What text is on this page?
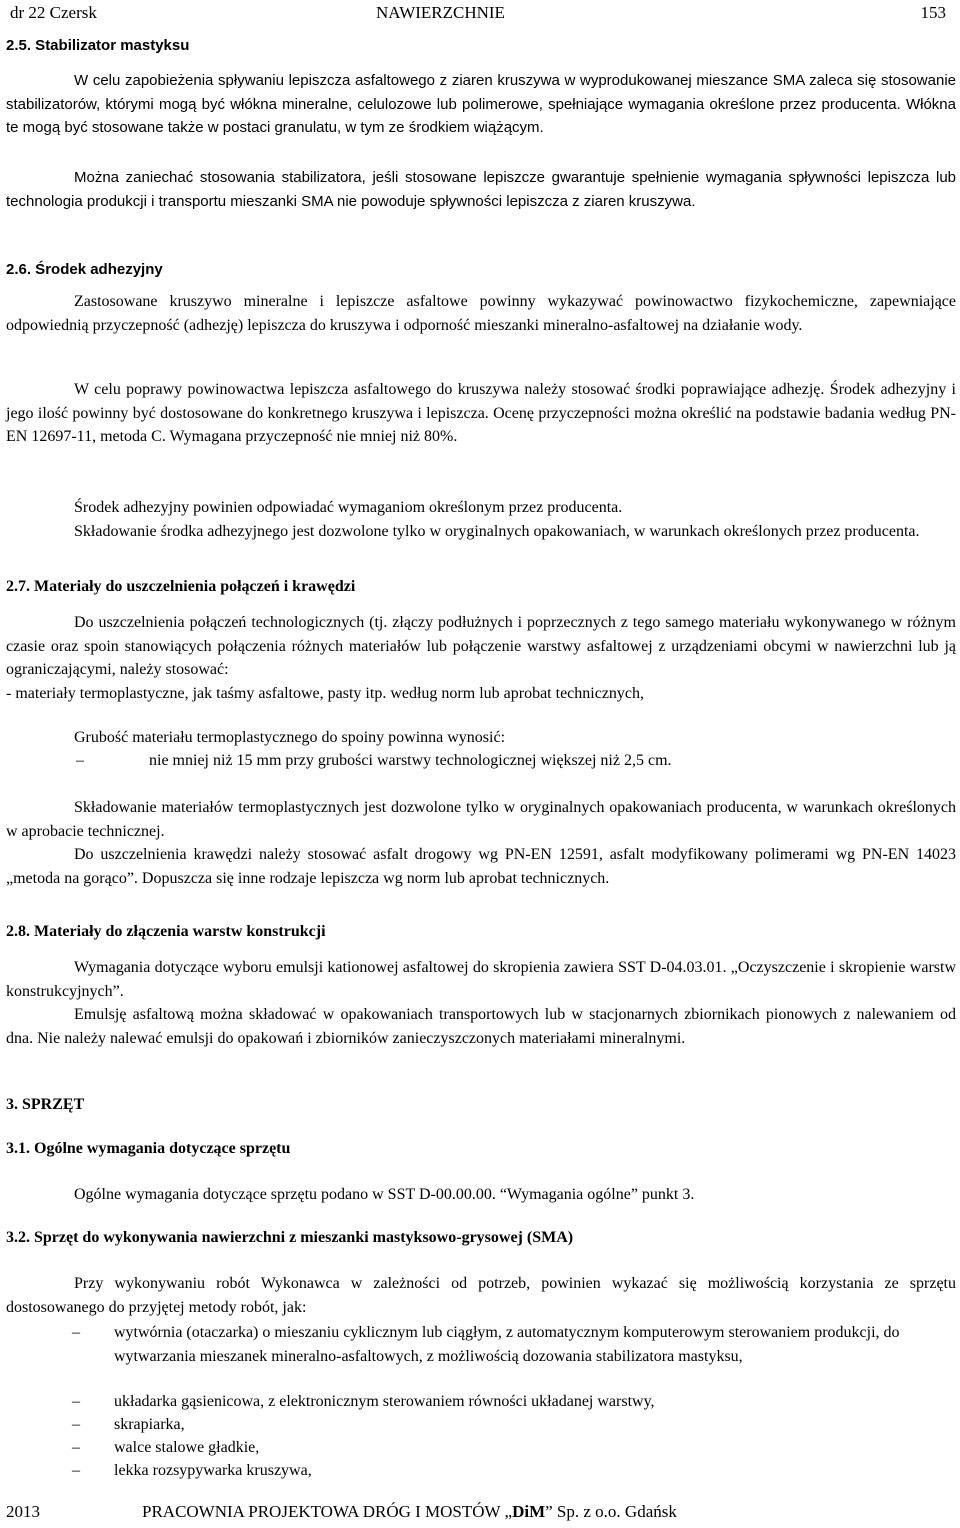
dr 22 Czersk	NAWIERZCHNIE	153
2.5. Stabilizator mastyksu

W celu zapobieżenia spływaniu lepiszcza asfaltowego z ziaren kruszywa w wyprodukowanej mieszance SMA zaleca się stosowanie stabilizatorów, którymi mogą być włókna mineralne, celulozowe lub polimerowe, spełniające wymagania określone przez producenta. Włókna te mogą być stosowane także w postaci granulatu, w tym ze środkiem wiążącym.

Można zaniechać stosowania stabilizatora, jeśli stosowane lepiszcze gwarantuje spełnienie wymagania spływności lepiszcza lub technologia produkcji i transportu mieszanki SMA nie powoduje spływności lepiszcza z ziaren kruszywa.

2.6. Środek adhezyjny

Zastosowane kruszywo mineralne i lepiszcze asfaltowe powinny wykazywać powinowactwo fizykochemiczne, zapewniające odpowiednią przyczepność (adhezję) lepiszcza do kruszywa i odporność mieszanki mineralno-asfaltowej na działanie wody.

W celu poprawy powinowactwa lepiszcza asfaltowego do kruszywa należy stosować środki poprawiające adhezję. Środek adhezyjny i jego ilość powinny być dostosowane do konkretnego kruszywa i lepiszcza. Ocenę przyczepności można określić na podstawie badania według PN-EN 12697-11, metoda C. Wymagana przyczepność nie mniej niż 80%.

Środek adhezyjny powinien odpowiadać wymaganiom określonym przez producenta.

Składowanie środka adhezyjnego jest dozwolone tylko w oryginalnych opakowaniach, w warunkach określonych przez producenta.

2.7. Materiały do uszczelnienia połączeń i krawędzi

Do uszczelnienia połączeń technologicznych (tj. złączy podłużnych i poprzecznych z tego samego materiału wykonywanego w różnym czasie oraz spoin stanowiących połączenia różnych materiałów lub połączenie warstwy asfaltowej z urządzeniami obcymi w nawierzchni lub ją ograniczającymi, należy stosować:

- materiały termoplastyczne, jak taśmy asfaltowe, pasty itp. według norm lub aprobat technicznych,

Grubość materiału termoplastycznego do spoiny powinna wynosić:

–	nie mniej niż 15 mm przy grubości warstwy technologicznej większej niż 2,5 cm.

Składowanie materiałów termoplastycznych jest dozwolone tylko w oryginalnych opakowaniach producenta, w warunkach określonych w aprobacie technicznej.

Do uszczelnienia krawędzi należy stosować asfalt drogowy wg PN-EN 12591, asfalt modyfikowany polimerami wg PN-EN 14023 „metoda na gorąco”. Dopuszcza się inne rodzaje lepiszcza wg norm lub aprobat technicznych.

2.8. Materiały do złączenia warstw konstrukcji

Wymagania dotyczące wyboru emulsji kationowej asfaltowej do skropienia zawiera SST D-04.03.01. „Oczyszczenie i skropienie warstw konstrukcyjnych”.

Emulsję asfaltową można składować w opakowaniach transportowych lub w stacjonarnych zbiornikach pionowych z nalewaniem od dna. Nie należy nalewać emulsji do opakowań i zbiorników zanieczyszczonych materiałami mineralnymi.

3. SPRZĘT
3.1. Ogólne wymagania dotyczące sprzętu

Ogólne wymagania dotyczące sprzętu podano w SST D-00.00.00. “Wymagania ogólne” punkt 3.

3.2. Sprzęt do wykonywania nawierzchni z mieszanki mastyksowo-grysowej (SMA)

Przy wykonywaniu robót Wykonawca w zależności od potrzeb, powinien wykazać się możliwością korzystania ze sprzętu dostosowanego do przyjętej metody robót, jak:

– wytwórnia (otaczarka) o mieszaniu cyklicznym lub ciągłym, z automatycznym komputerowym sterowaniem produkcji, do wytwarzania mieszanek mineralno-asfaltowych, z możliwością dozowania stabilizatora mastyksu,
– układarka gąsienicowa, z elektronicznym sterowaniem równości układanej warstwy,
– skrapiarka,
– walce stalowe gładkie,
– lekka rozsypywarka kruszywa,
2013	PRACOWNIA PROJEKTOWA DRÓG I MOSTÓW „DiM” Sp. z o.o. Gdańsk
